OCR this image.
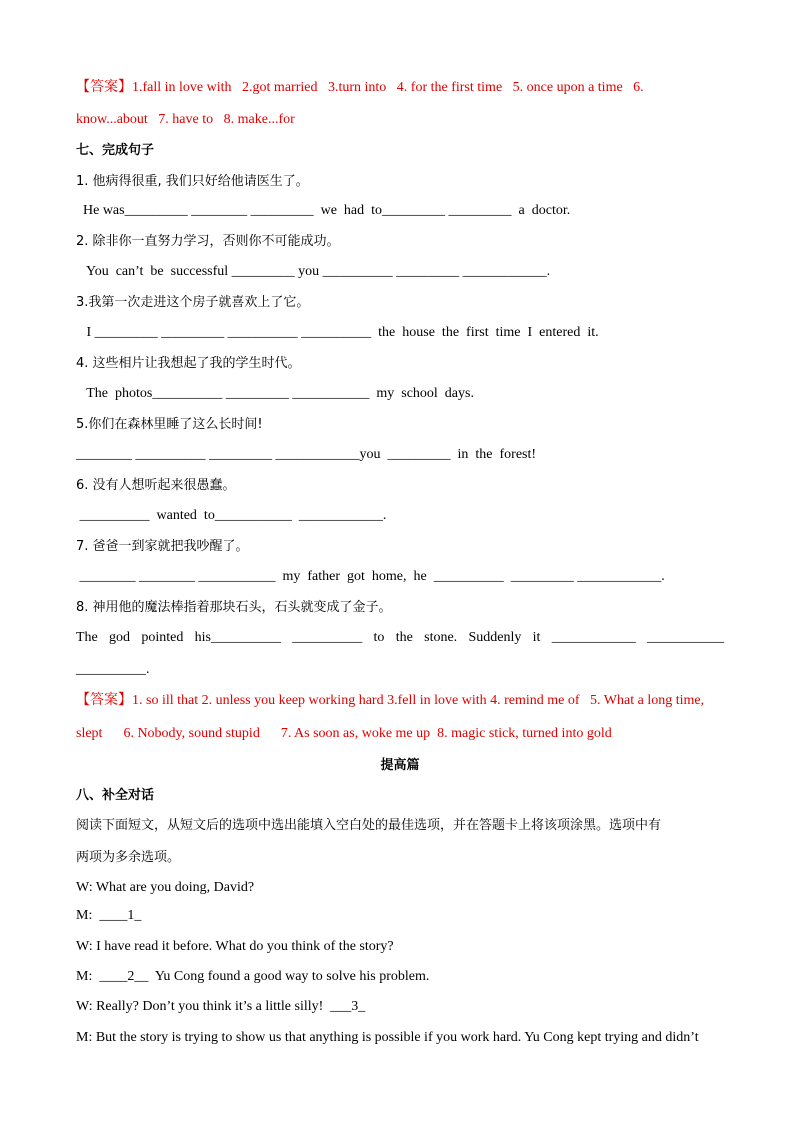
【答案】1.fall in love with   2.got married   3.turn into   4. for the first time   5. once upon a time   6.
know...about   7. have to   8. make...for
七、完成句子
1. 他病得很重, 我们只好给他请医生了。
He was_________ ________ _________  we  had  to_________ _________  a  doctor.
2. 除非你一直努力学习，否则你不可能成功。
You  can’t  be  successful _________ you __________ _________ ____________.
3.我第一次走进这个房子就喜欢上了它。
I _________ _________ __________ __________  the  house  the  first  time  I  entered  it.
4. 这些相片让我想起了我的学生时代。
The  photos__________ _________ ___________  my  school  days.
5.你们在森林里睡了这么长时间!
________ __________ _________ ____________you  _________  in  the  forest!
6. 没有人想听起来很愚蠢。
__________  wanted  to___________  ____________.
7. 爸爸一到家就把我吵醒了。
________ ________ ___________  my  father  got  home,  he  __________  _________ ____________.
8. 神用他的魔法棒指着那块石头，石头就变成了金子。
The god pointed his__________ __________ to the stone. Suddenly it ____________ ___________
__________.
【答案】1. so ill that 2. unless you keep working hard 3.fell in love with 4. remind me of   5. What a long time,
slept      6. Nobody, sound stupid      7. As soon as, woke me up  8. magic stick, turned into gold
提高篇
八、补全对话
阅读下面短文，从短文后的选项中选出能填入空白处的最佳选项，并在答题卡上将该项涂黑。选项中有
两项为多余选项。
W: What are you doing, David?
M:  ____1_
W: I have read it before. What do you think of the story?
M:  ____2__  Yu Cong found a good way to solve his problem.
W: Really? Don’t you think it’s a little silly!  ___3_
M: But the story is trying to show us that anything is possible if you work hard. Yu Cong kept trying and didn’t
